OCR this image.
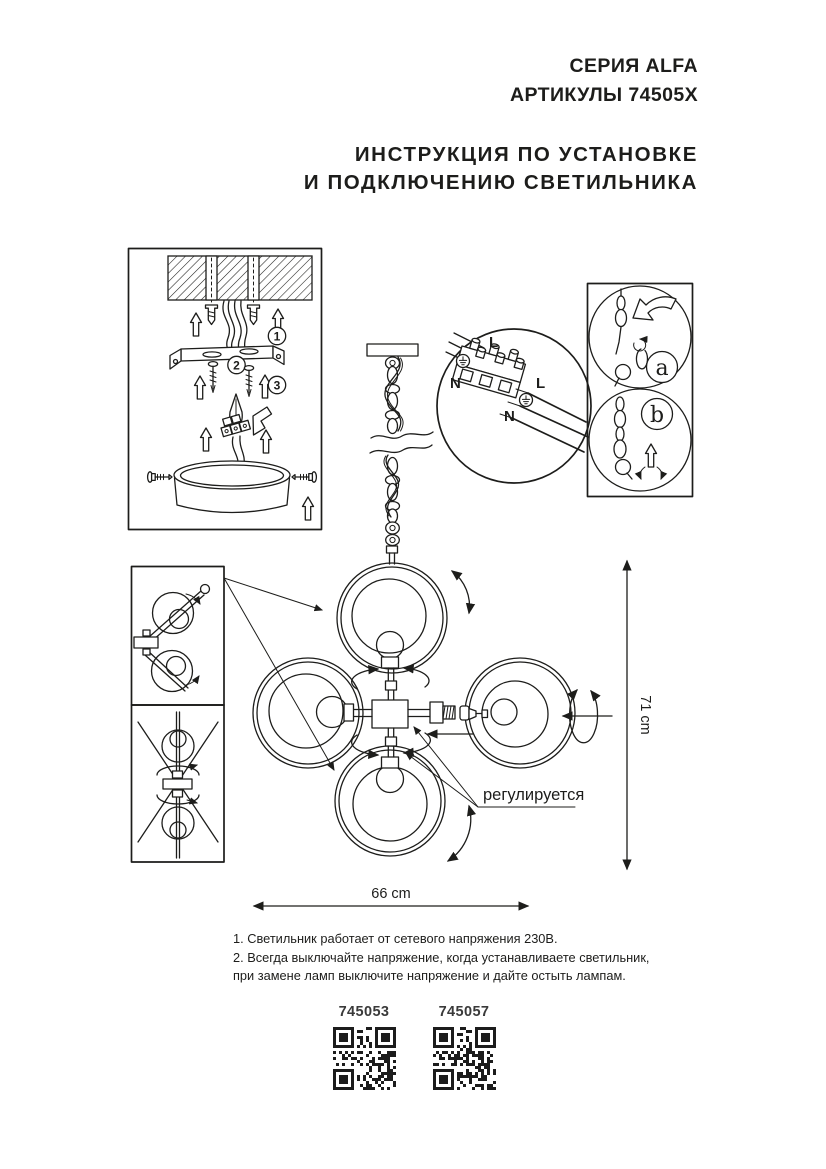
СЕРИЯ ALFA
АРТИКУЛЫ 74505X
ИНСТРУКЦИЯ ПО УСТАНОВКЕ
И ПОДКЛЮЧЕНИЮ СВЕТИЛЬНИКА
1
2
3
L
N	L
N
a
b
регулируется
71 cm
66 cm
1. Светильник работает от сетевого напряжения 230В.
2. Всегда выключайте напряжение, когда устанавливаете светильник,
при замене ламп выключите напряжение и дайте остыть лампам.
745053	745057
